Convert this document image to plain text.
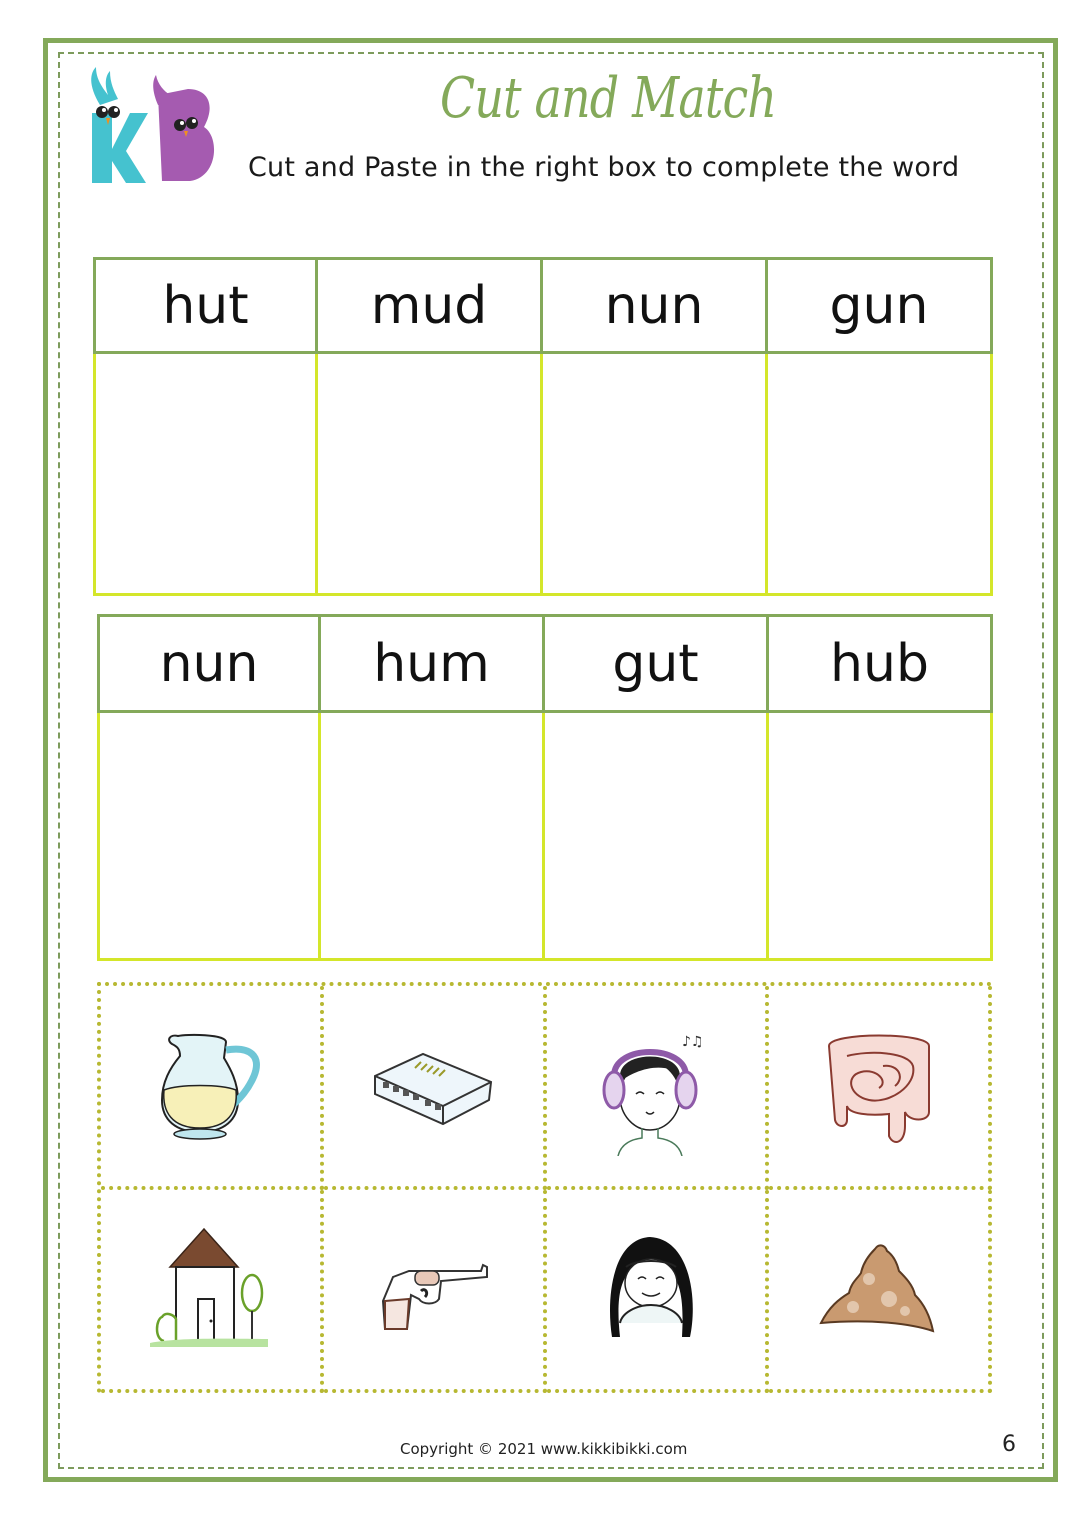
Cut and Match
Cut and Paste in the right box to complete the word
hut	mud	nun	gun
nun	hum	gut	hub
♪♫
Copyright © 2021 www.kikkibikki.com	6
